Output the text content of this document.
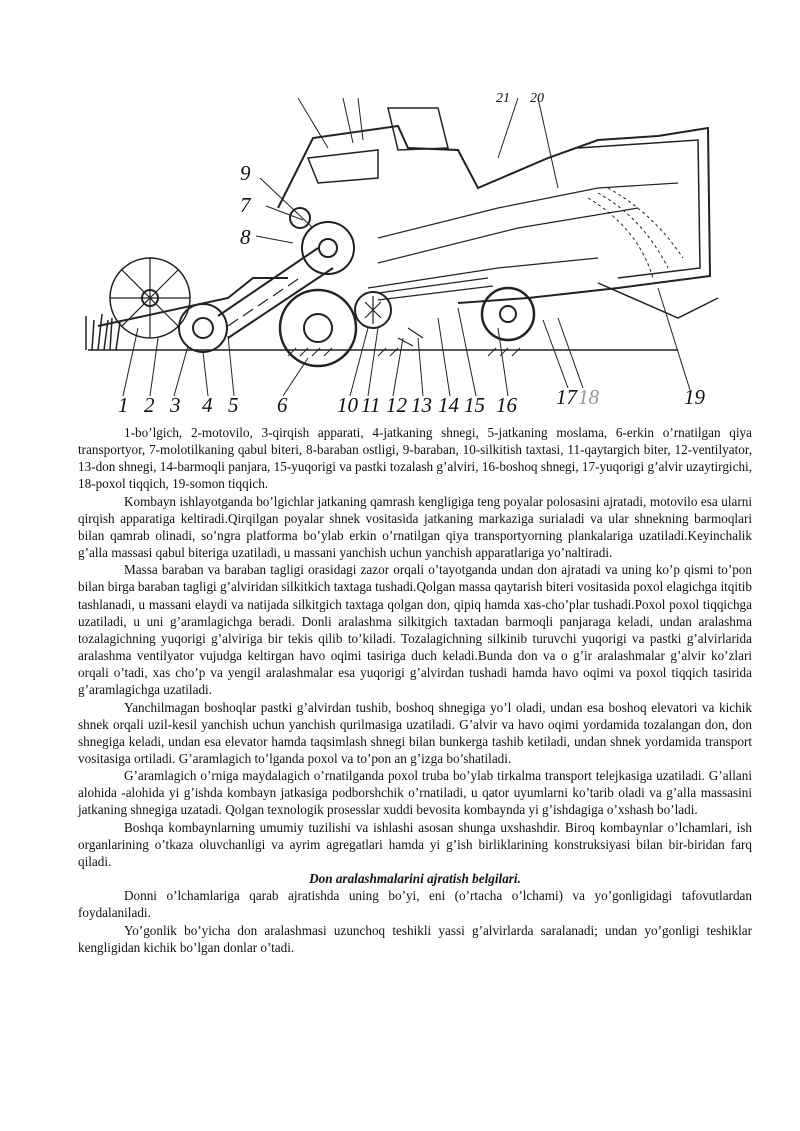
1 2 3 4 5 6 10 11 12 13 14 15 16 17 18	19
9
7
8
21 20

1-bo’lgich, 2-motovilo, 3-qirqish apparati, 4-jatkaning shnegi, 5-jatkaning moslama, 6-erkin o’rnatilgan qiya transportyor, 7-molotilkaning qabul biteri, 8-baraban ostligi, 9-baraban, 10-silkitish taxtasi, 11-qaytargich biter, 12-ventilyator, 13-don shnegi, 14-barmoqli panjara, 15-yuqorigi va pastki tozalash g’alviri, 16-boshoq shnegi, 17-yuqorigi g’alvir uzaytirgichi, 18-poxol tiqqich, 19-somon tiqqich.

Kombayn ishlayotganda bo’lgichlar jatkaning qamrash kengligiga teng poyalar polosasini ajratadi, motovilo esa ularni qirqish apparatiga keltiradi.Qirqilgan poyalar shnek vositasida jatkaning markaziga surialadi va ular shnekning barmoqlari bilan qamrab olinadi, so’ngra platforma bo’ylab erkin o’rnatilgan qiya transportyorning plankalariga uzatiladi.Keyinchalik g’alla massasi qabul biteriga uzatiladi, u massani yanchish uchun yanchish apparatlariga yo’naltiradi.

Massa baraban va baraban tagligi orasidagi zazor orqali o’tayotganda undan don ajratadi va uning ko’p qismi to’pon bilan birga baraban tagligi g’alviridan silkitkich taxtaga tushadi.Qolgan massa qaytarish biteri vositasida poxol elagichga itqitib tashlanadi, u massani elaydi va natijada silkitgich taxtaga qolgan don, qipiq hamda xas-cho’plar tushadi.Poxol poxol tiqqichga uzatiladi, u uni g’aramlagichga beradi. Donli aralashma silkitgich taxtadan barmoqli panjaraga keladi, undan aralashma tozalagichning yuqorigi g’alviriga bir tekis qilib to’kiladi. Tozalagichning silkinib turuvchi yuqorigi va pastki g’alvirlarida aralashma ventilyator vujudga keltirgan havo oqimi tasiriga duch keladi.Bunda don va o g’ir aralashmalar g’alvir ko’zlari orqali o’tadi, xas cho’p va yengil aralashmalar esa yuqorigi g’alvirdan tushadi hamda havo oqimi va poxol tiqqich tasirida g’aramlagichga uzatiladi.

Yanchilmagan boshoqlar pastki g’alvirdan tushib, boshoq shnegiga yo’l oladi, undan esa boshoq elevatori va kichik shnek orqali uzil-kesil yanchish uchun yanchish qurilmasiga uzatiladi. G’alvir va havo oqimi yordamida tozalangan don, don shnegiga keladi, undan esa elevator hamda taqsimlash shnegi bilan bunkerga tashib ketiladi, undan shnek yordamida transport vositasiga ortiladi. G’aramlagich to’lganda poxol va to’pon an g’izga bo’shatiladi.

G’aramlagich o’rniga maydalagich o’rnatilganda poxol truba bo’ylab tirkalma transport telejkasiga uzatiladi. G’allani alohida -alohida yi g’ishda kombayn jatkasiga podborshchik o’rnatiladi, u qator uyumlarni ko’tarib oladi va g’alla massasini jatkaning shnegiga uzatadi. Qolgan texnologik prosesslar xuddi bevosita kombaynda yi g’ishdagiga o’xshash bo’ladi.

Boshqa kombaynlarning umumiy tuzilishi va ishlashi asosan shunga uxshashdir. Biroq kombaynlar o’lchamlari, ish organlarining o’tkaza oluvchanligi va ayrim agregatlari hamda yi g’ish birliklarining konstruksiyasi bilan bir-biridan farq qiladi.

Don aralashmalarini ajratish belgilari.

Donni o’lchamlariga qarab ajratishda uning bo’yi, eni (o’rtacha o’lchami) va yo’gonligidagi tafovutlardan foydalaniladi.

Yo’gonlik bo’yicha don aralashmasi uzunchoq teshikli yassi g’alvirlarda saralanadi; undan yo’gonligi teshiklar kengligidan kichik bo’lgan donlar o’tadi.
